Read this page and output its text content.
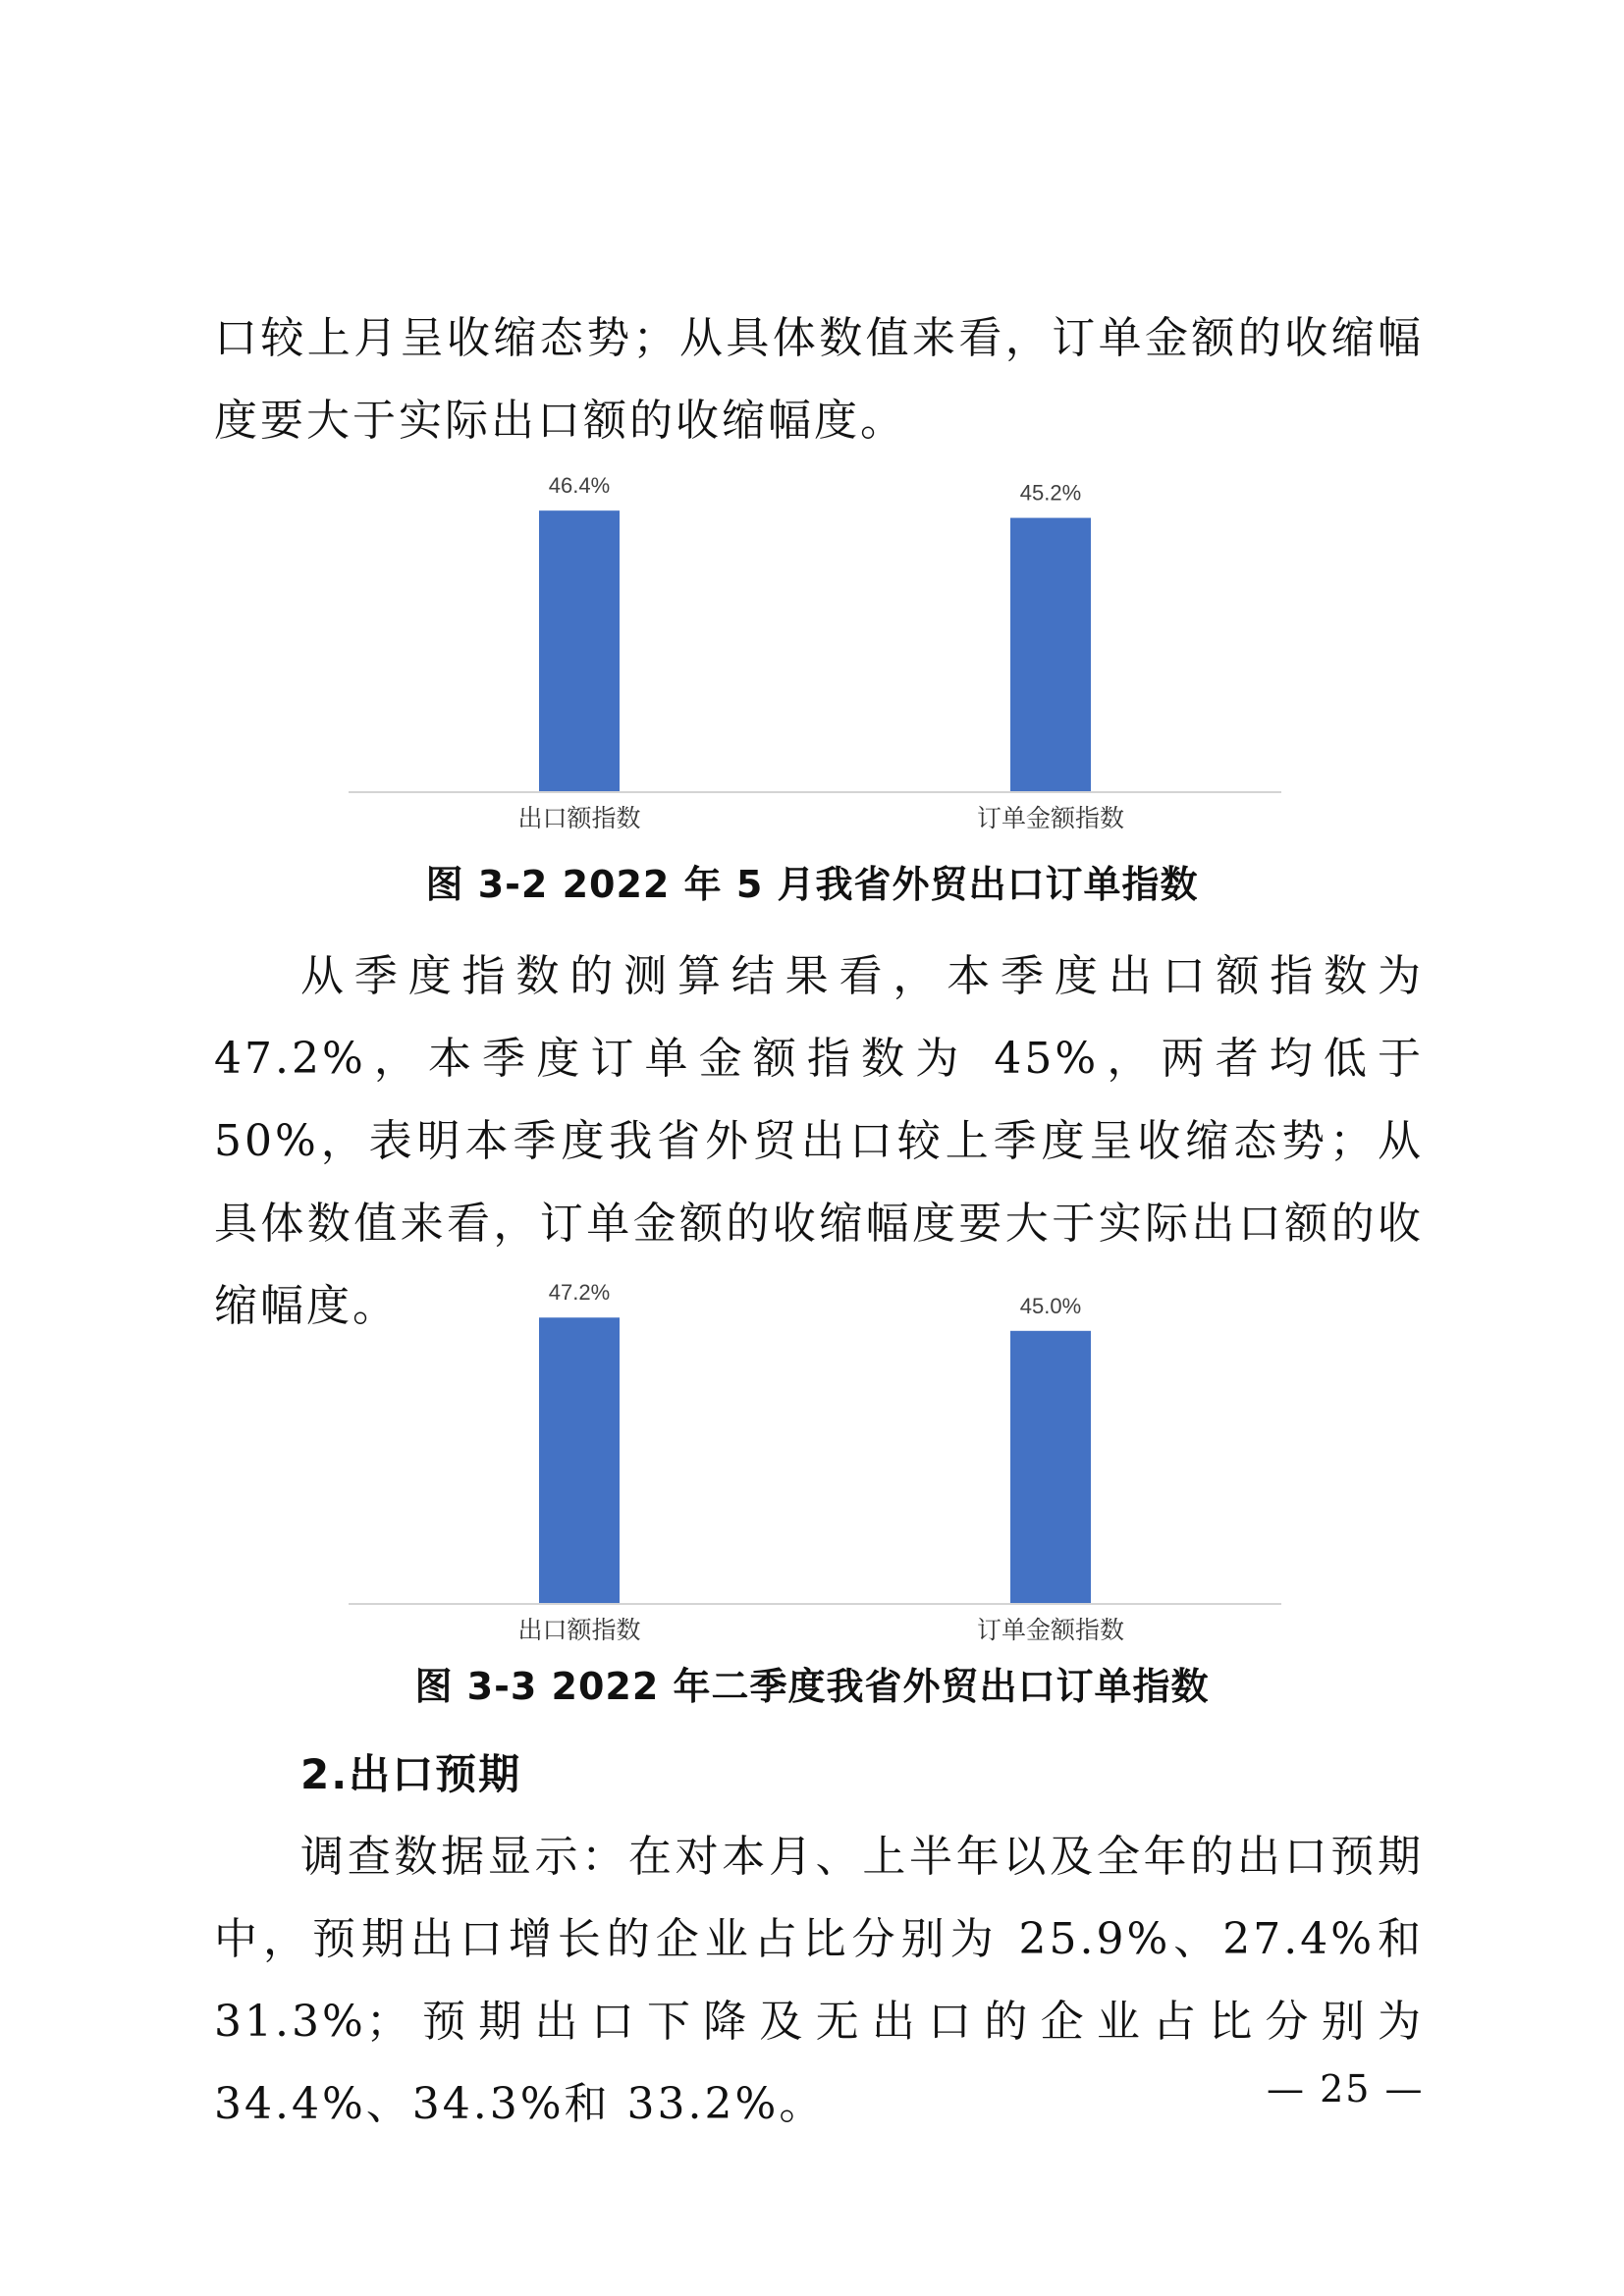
口较上月呈收缩态势；从具体数值来看，订单金额的收缩幅度要大于实际出口额的收缩幅度。

46.4%
出口额指数
45.2%
订单金额指数

图 3-2 2022 年 5 月我省外贸出口订单指数

从季度指数的测算结果看，本季度出口额指数为 47.2%，本季度订单金额指数为 45%，两者均低于 50%，表明本季度我省外贸出口较上季度呈收缩态势；从具体数值来看，订单金额的收缩幅度要大于实际出口额的收缩幅度。	47.2%
出口额指数
45.0%
订单金额指数

图 3-3 2022 年二季度我省外贸出口订单指数

2.出口预期

调查数据显示：在对本月、上半年以及全年的出口预期中，预期出口增长的企业占比分别为 25.9%、27.4%和 31.3%；预期出口下降及无出口的企业占比分别为 34.4%、34.3%和 33.2%。	— 25 —
